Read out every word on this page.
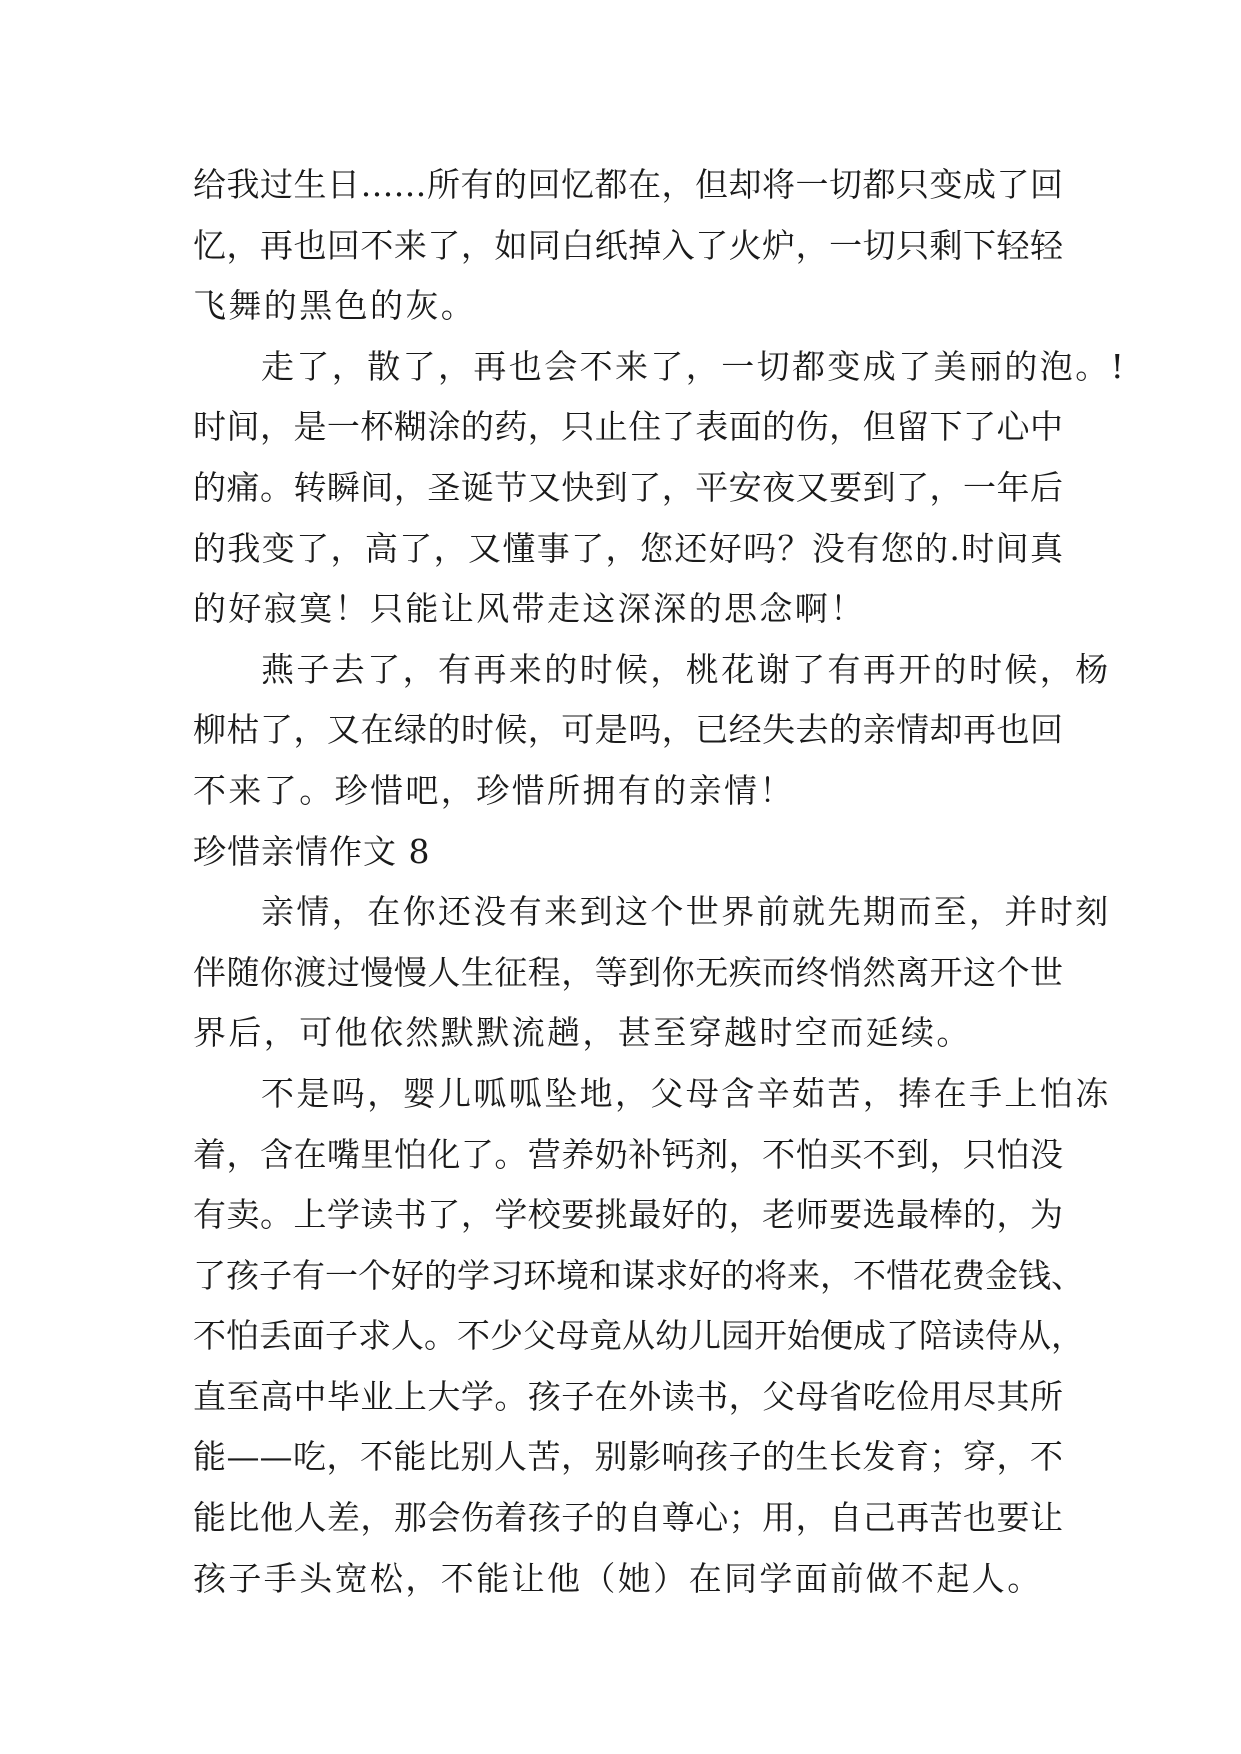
给我过生日……所有的回忆都在，但却将一切都只变成了回
忆，再也回不来了，如同白纸掉入了火炉，一切只剩下轻轻
飞舞的黑色的灰。
走了，散了，再也会不来了，一切都变成了美丽的泡。!
时间，是一杯糊涂的药，只止住了表面的伤，但留下了心中
的痛。转瞬间，圣诞节又快到了，平安夜又要到了，一年后
的我变了，高了，又懂事了，您还好吗？没有您的.时间真
的好寂寞！只能让风带走这深深的思念啊！
燕子去了，有再来的时候，桃花谢了有再开的时候，杨
柳枯了，又在绿的时候，可是吗，已经失去的亲情却再也回
不来了。珍惜吧，珍惜所拥有的亲情！
珍惜亲情作文 8
亲情，在你还没有来到这个世界前就先期而至，并时刻
伴随你渡过慢慢人生征程，等到你无疾而终悄然离开这个世
界后，可他依然默默流趟，甚至穿越时空而延续。
不是吗，婴儿呱呱坠地，父母含辛茹苦，捧在手上怕冻
着，含在嘴里怕化了。营养奶补钙剂，不怕买不到，只怕没
有卖。上学读书了，学校要挑最好的，老师要选最棒的，为
了孩子有一个好的学习环境和谋求好的将来，不惜花费金钱、
不怕丢面子求人。不少父母竟从幼儿园开始便成了陪读侍从，
直至高中毕业上大学。孩子在外读书，父母省吃俭用尽其所
能——吃，不能比别人苦，别影响孩子的生长发育；穿，不
能比他人差，那会伤着孩子的自尊心；用，自己再苦也要让
孩子手头宽松，不能让他（她）在同学面前做不起人。
